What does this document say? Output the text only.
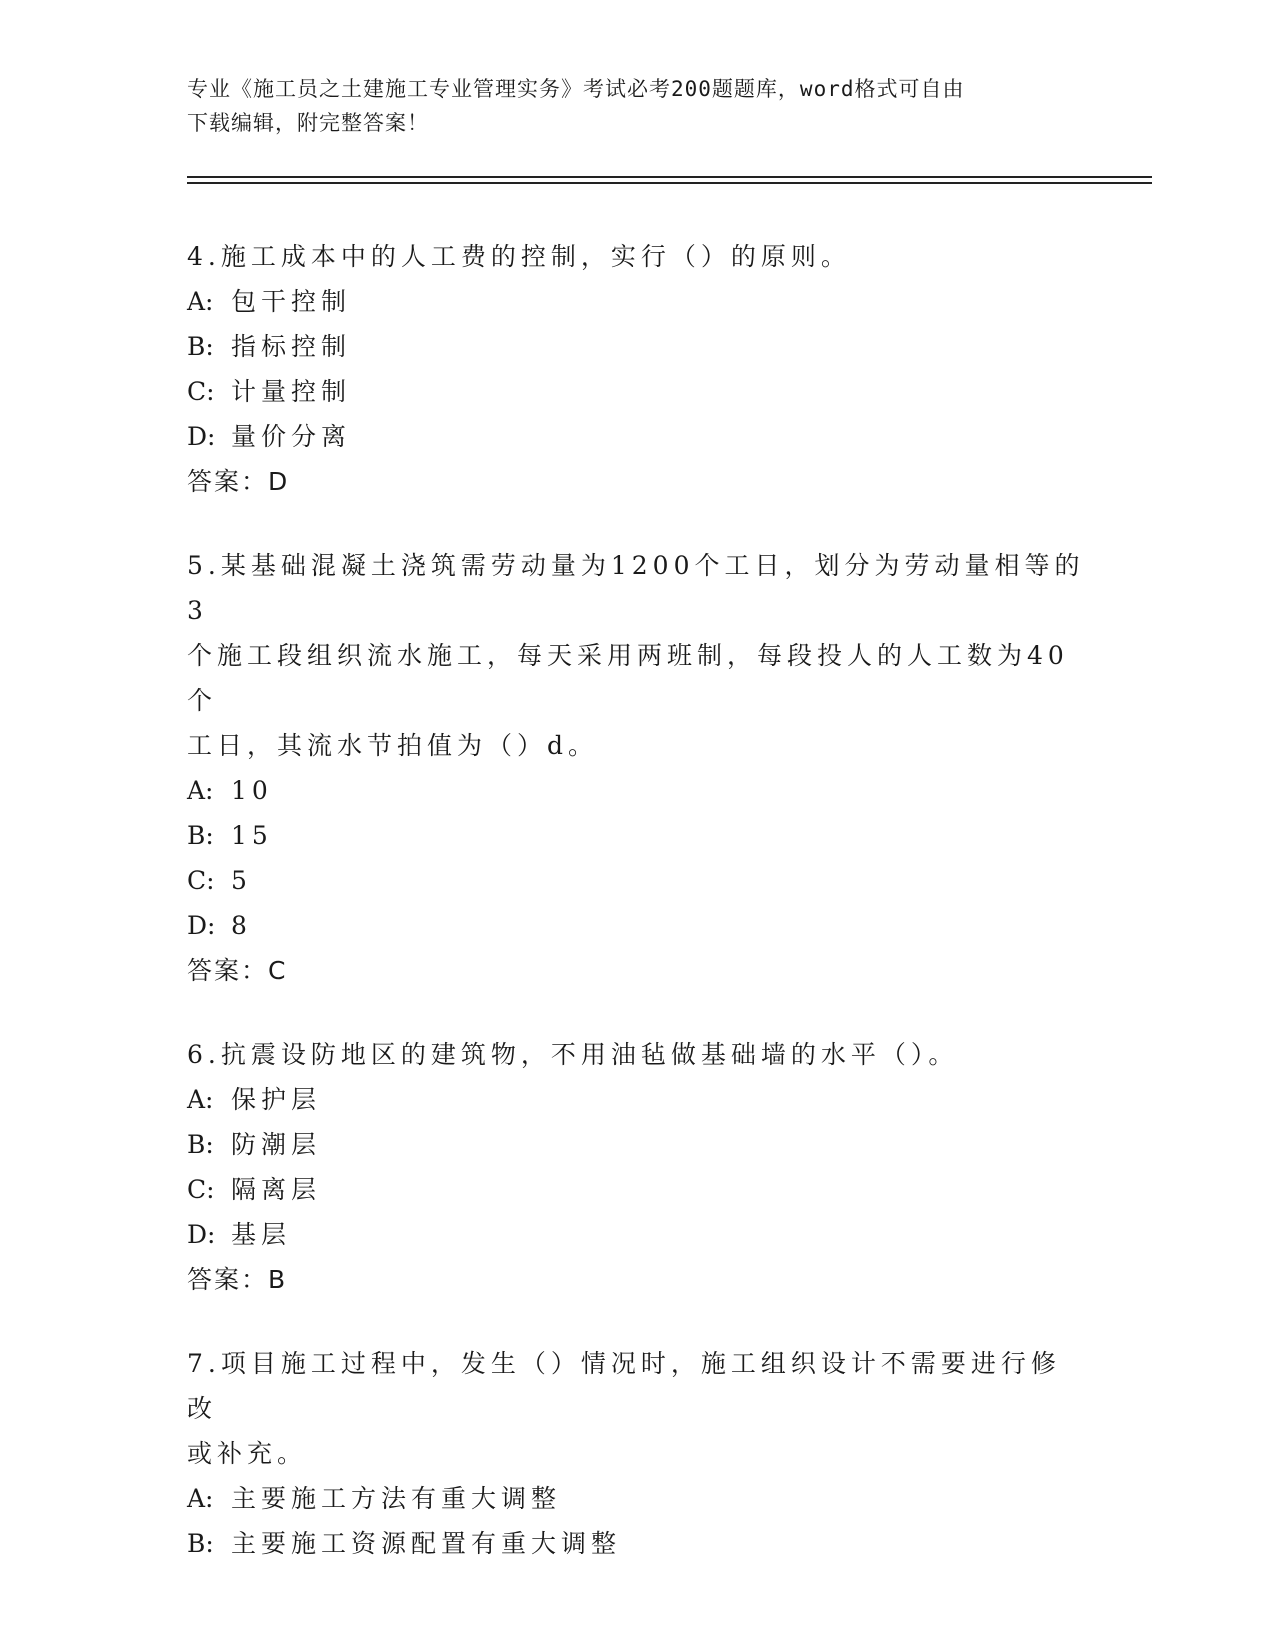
专业《施工员之土建施工专业管理实务》考试必考200题题库，word格式可自由
下载编辑，附完整答案！

4.施工成本中的人工费的控制，实行（）的原则。

A: 包干控制

B: 指标控制

C: 计量控制

D: 量价分离

答案：D

5.某基础混凝土浇筑需劳动量为1200个工日，划分为劳动量相等的3

个施工段组织流水施工，每天采用两班制，每段投人的人工数为40个

工日，其流水节拍值为（）d。

A: 10

B: 15

C: 5

D: 8

答案：C

6.抗震设防地区的建筑物，不用油毡做基础墙的水平（）。

A: 保护层

B: 防潮层

C: 隔离层

D: 基层

答案：B

7.项目施工过程中，发生（）情况时，施工组织设计不需要进行修改

或补充。

A: 主要施工方法有重大调整

B: 主要施工资源配置有重大调整
